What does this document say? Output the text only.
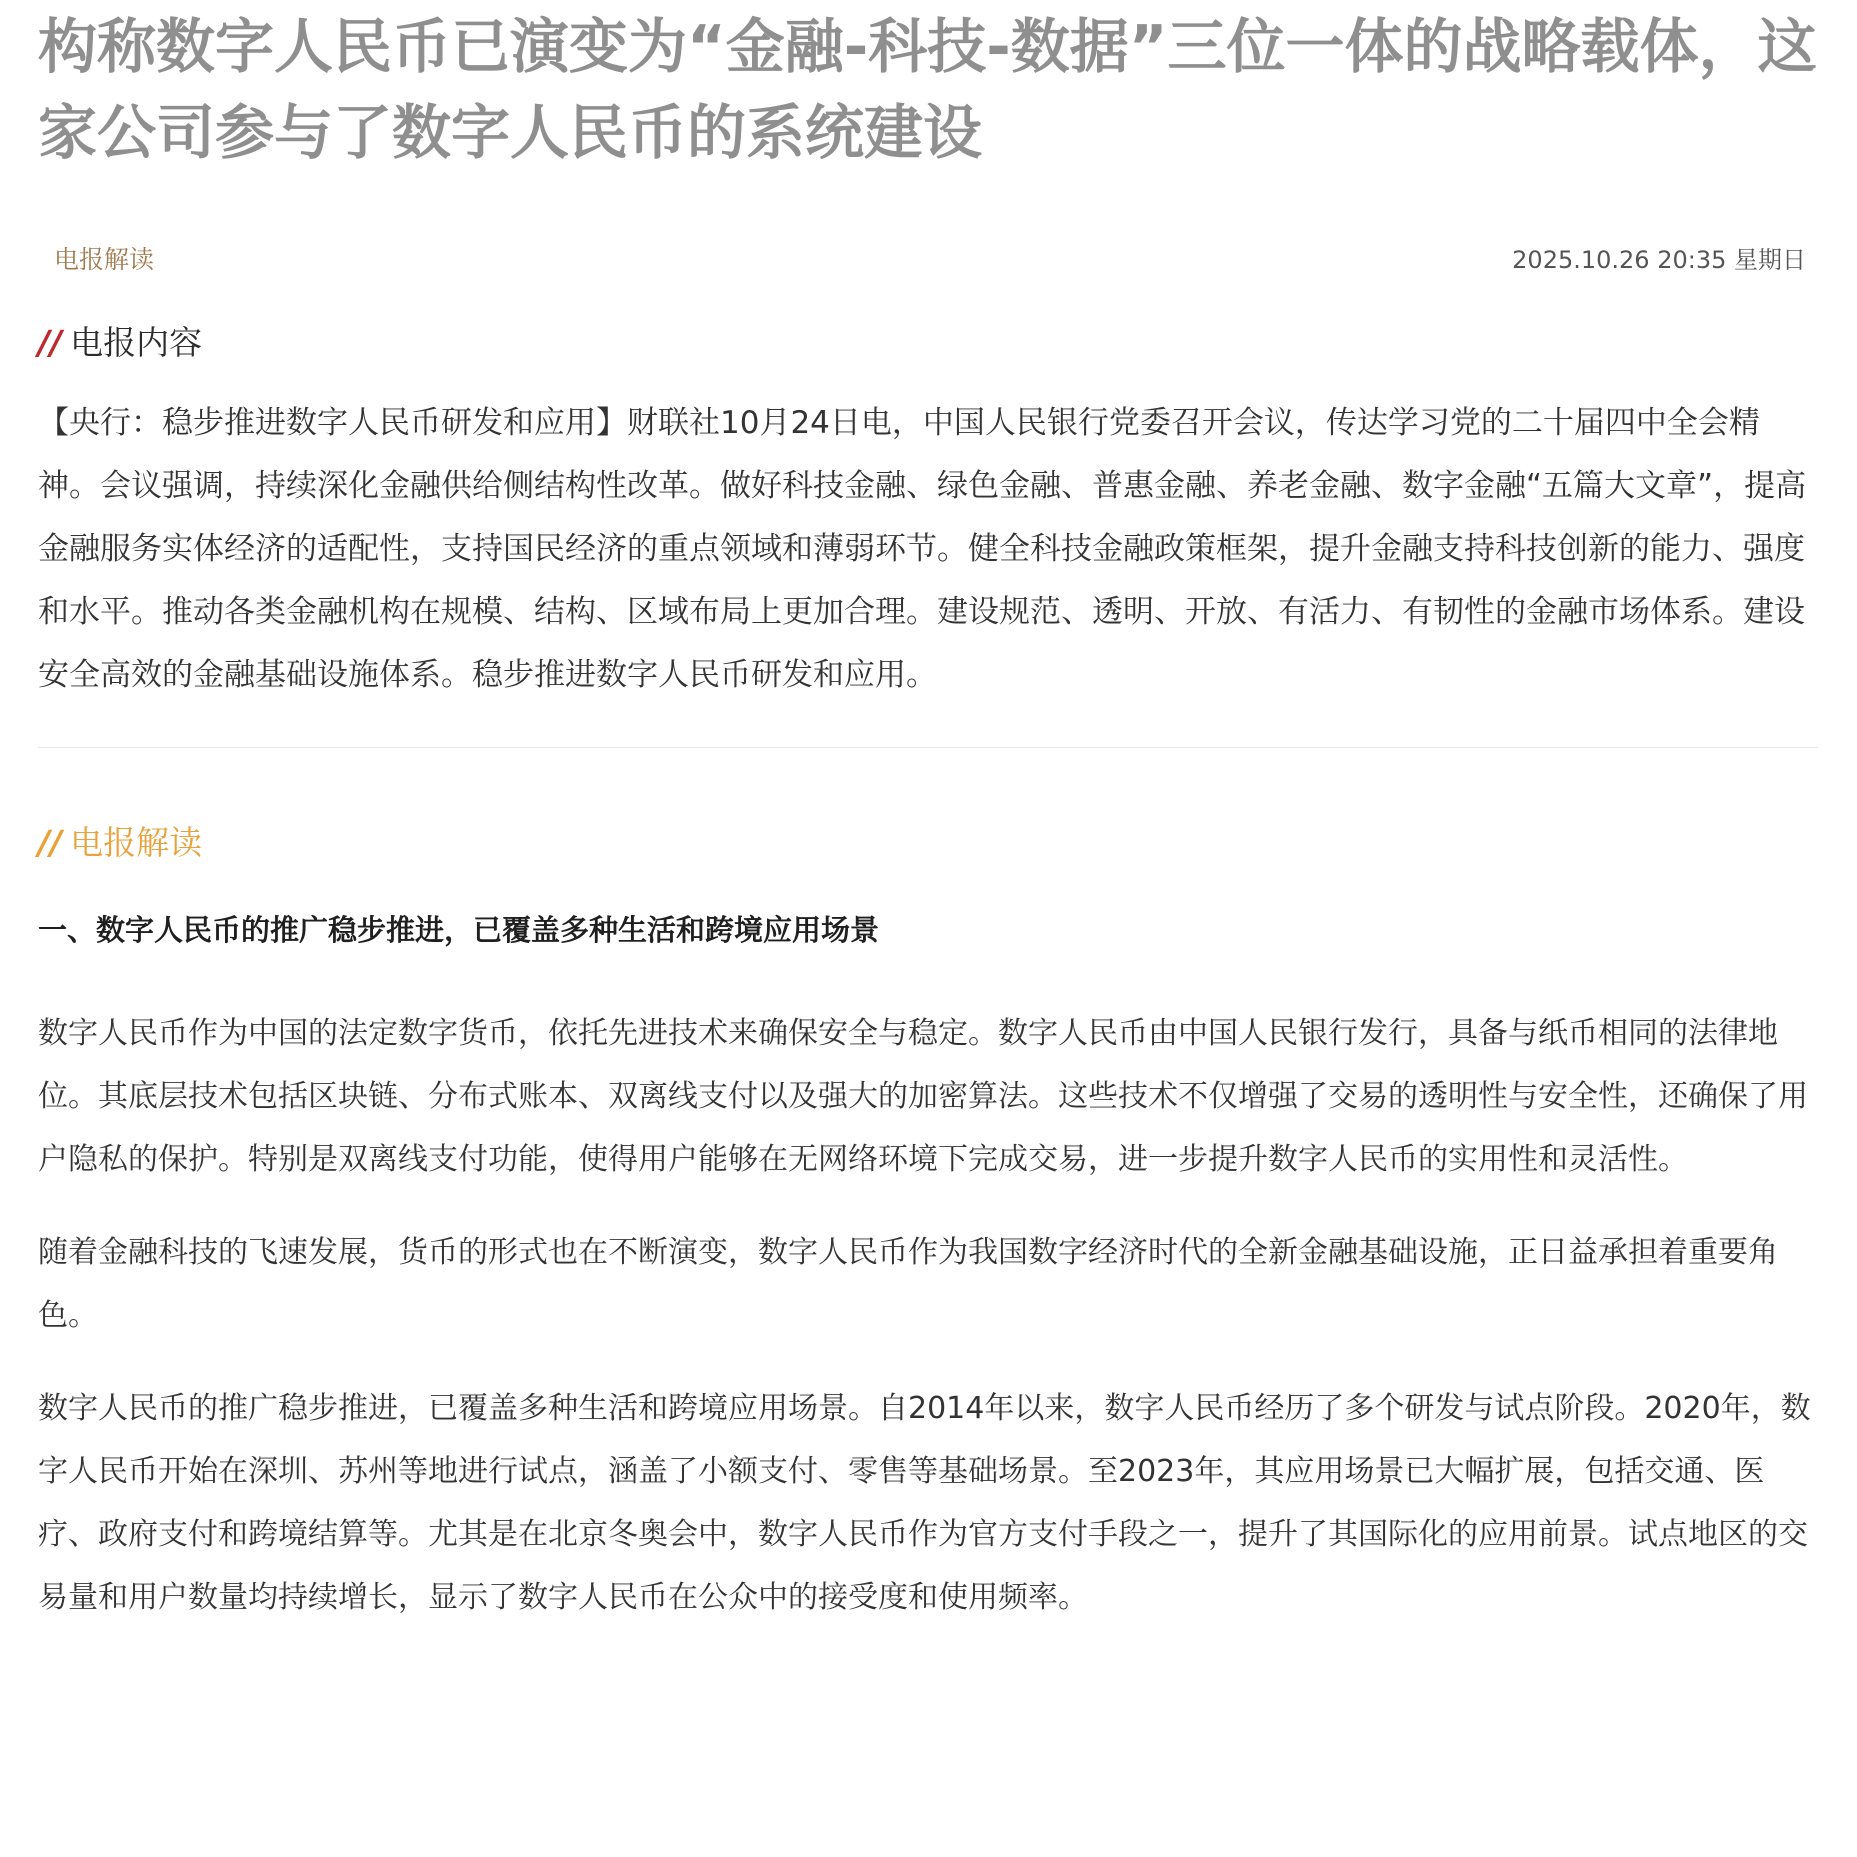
构称数字人民币已演变为“金融-科技-数据”三位一体的战略载体，这家公司参与了数字人民币的系统建设
电报解读	2025.10.26 20:35 星期日
// 电报内容

【央行：稳步推进数字人民币研发和应用】财联社10月24日电，中国人民银行党委召开会议，传达学习党的二十届四中全会精神。会议强调，持续深化金融供给侧结构性改革。做好科技金融、绿色金融、普惠金融、养老金融、数字金融“五篇大文章”，提高金融服务实体经济的适配性，支持国民经济的重点领域和薄弱环节。健全科技金融政策框架，提升金融支持科技创新的能力、强度和水平。推动各类金融机构在规模、结构、区域布局上更加合理。建设规范、透明、开放、有活力、有韧性的金融市场体系。建设安全高效的金融基础设施体系。稳步推进数字人民币研发和应用。

// 电报解读
一、数字人民币的推广稳步推进，已覆盖多种生活和跨境应用场景

数字人民币作为中国的法定数字货币，依托先进技术来确保安全与稳定。数字人民币由中国人民银行发行，具备与纸币相同的法律地位。其底层技术包括区块链、分布式账本、双离线支付以及强大的加密算法。这些技术不仅增强了交易的透明性与安全性，还确保了用户隐私的保护。特别是双离线支付功能，使得用户能够在无网络环境下完成交易，进一步提升数字人民币的实用性和灵活性。

随着金融科技的飞速发展，货币的形式也在不断演变，数字人民币作为我国数字经济时代的全新金融基础设施，正日益承担着重要角色。

数字人民币的推广稳步推进，已覆盖多种生活和跨境应用场景。自2014年以来，数字人民币经历了多个研发与试点阶段。2020年，数字人民币开始在深圳、苏州等地进行试点，涵盖了小额支付、零售等基础场景。至2023年，其应用场景已大幅扩展，包括交通、医疗、政府支付和跨境结算等。尤其是在北京冬奥会中，数字人民币作为官方支付手段之一，提升了其国际化的应用前景。试点地区的交易量和用户数量均持续增长，显示了数字人民币在公众中的接受度和使用频率。
